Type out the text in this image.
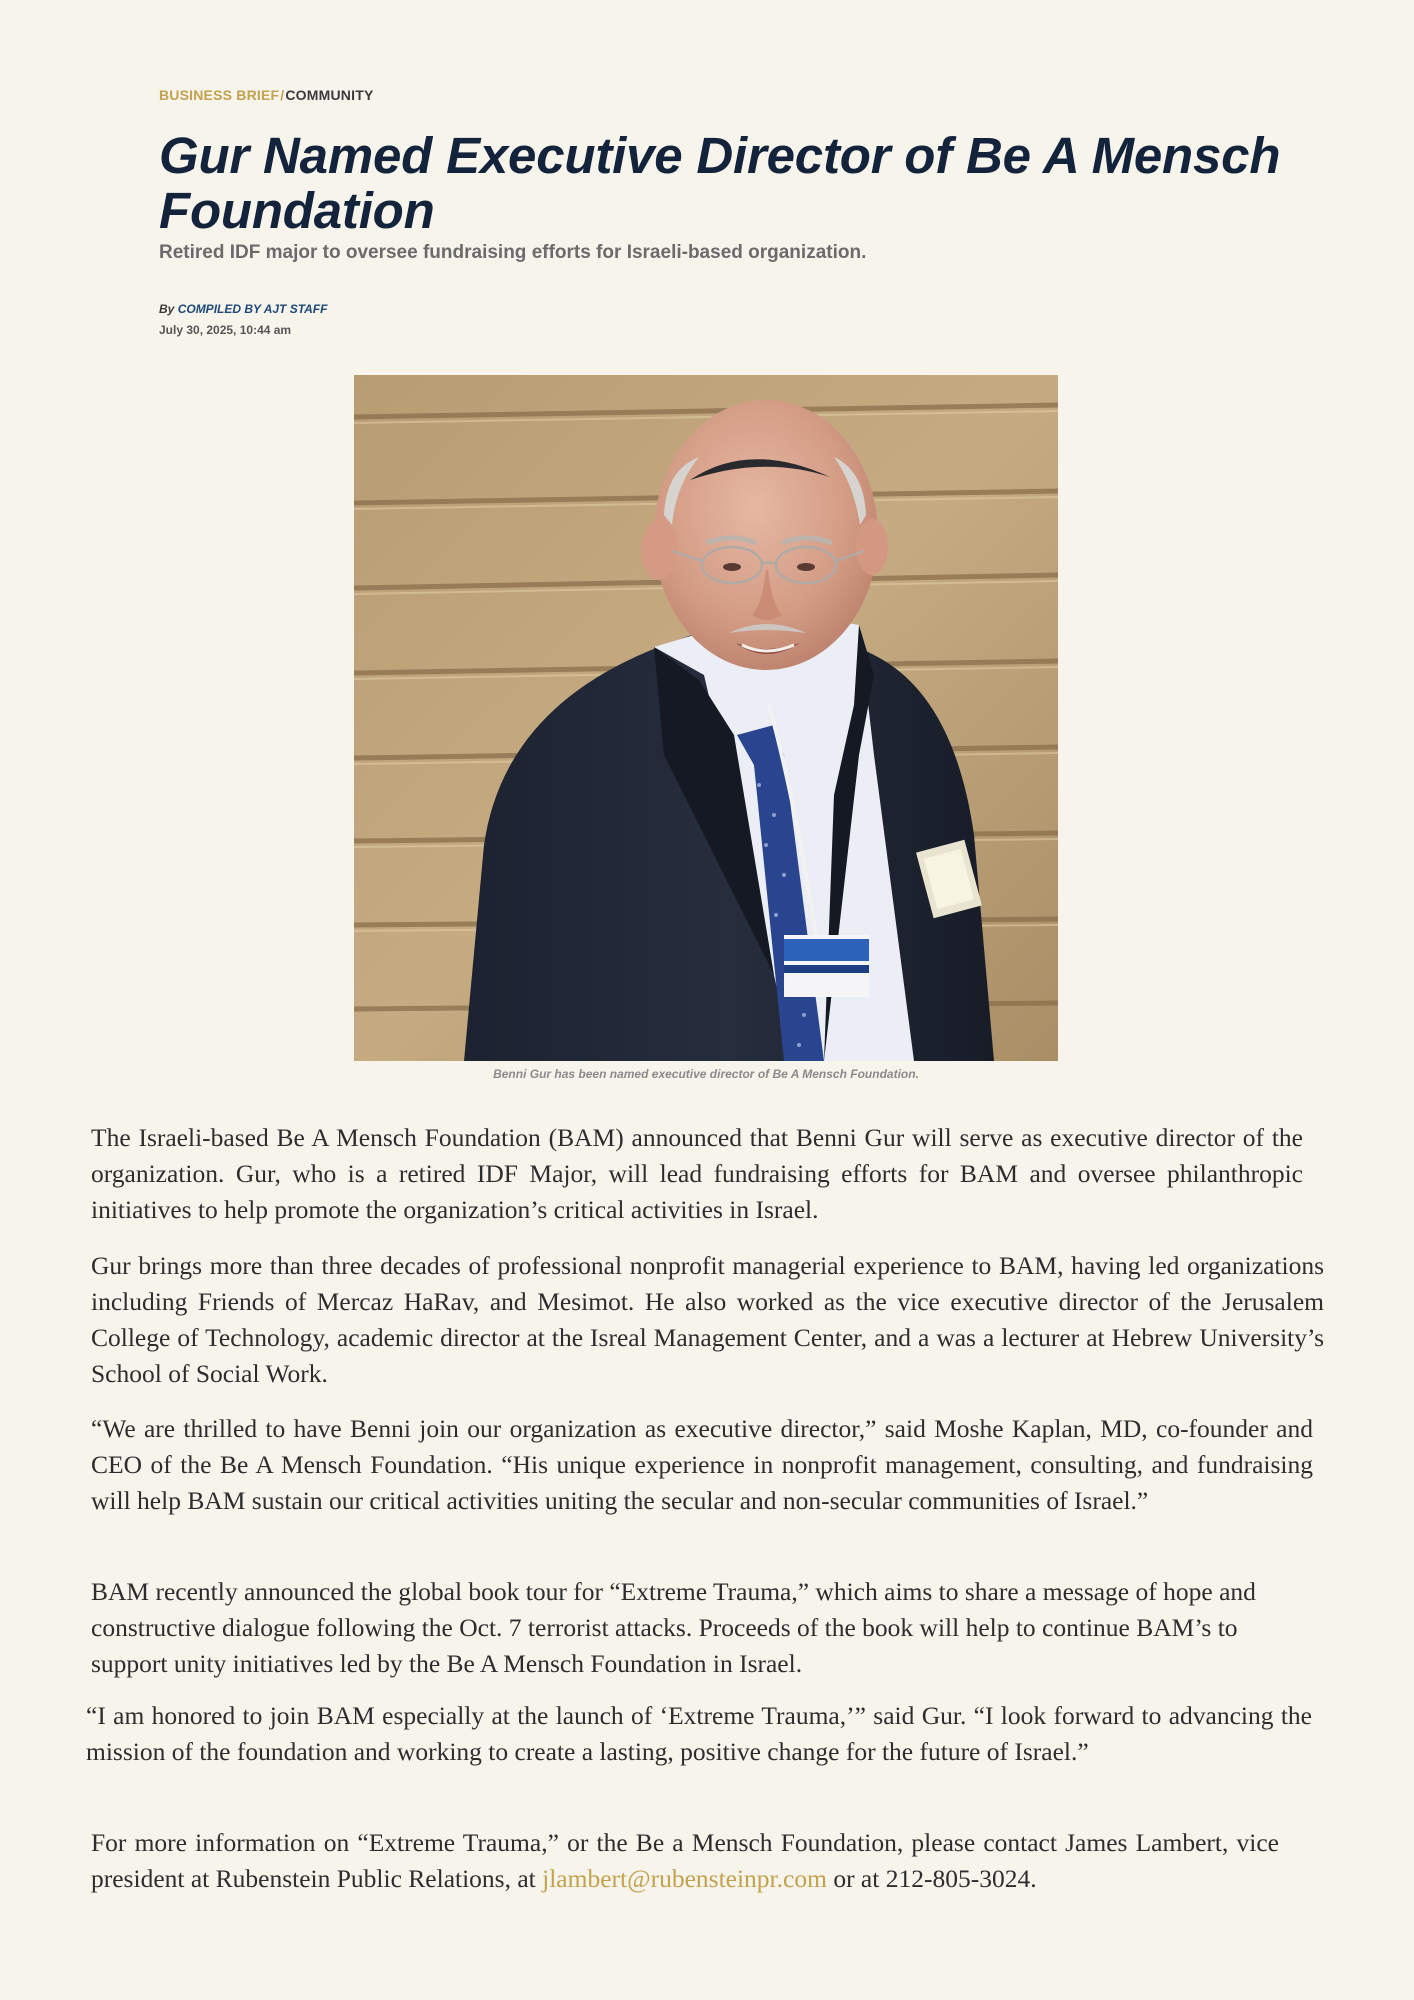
BUSINESS BRIEF/COMMUNITY
Gur Named Executive Director of Be A Mensch Foundation
Retired IDF major to oversee fundraising efforts for Israeli-based organization.
By COMPILED BY AJT STAFF
July 30, 2025, 10:44 am
Benni Gur has been named executive director of Be A Mensch Foundation.

The Israeli-based Be A Mensch Foundation (BAM) announced that Benni Gur will serve as executive director of the organization. Gur, who is a retired IDF Major, will lead fundraising efforts for BAM and oversee philanthropic initiatives to help promote the organization’s critical activities in Israel.

Gur brings more than three decades of professional nonprofit managerial experience to BAM, having led organizations including Friends of Mercaz HaRav, and Mesimot. He also worked as the vice executive director of the Jerusalem College of Technology, academic director at the Isreal Management Center, and a was a lecturer at Hebrew University’s School of Social Work.

“We are thrilled to have Benni join our organization as executive director,” said Moshe Kaplan, MD, co-founder and CEO of the Be A Mensch Foundation. “His unique experience in nonprofit management, consulting, and fundraising will help BAM sustain our critical activities uniting the secular and non-secular communities of Israel.”

BAM recently announced the global book tour for “Extreme Trauma,” which aims to share a message of hope and constructive dialogue following the Oct. 7 terrorist attacks. Proceeds of the book will help to continue BAM’s to support unity initiatives led by the Be A Mensch Foundation in Israel.

“I am honored to join BAM especially at the launch of ‘Extreme Trauma,’” said Gur. “I look forward to advancing the mission of the foundation and working to create a lasting, positive change for the future of Israel.”

For more information on “Extreme Trauma,” or the Be a Mensch Foundation, please contact James Lambert, vice president at Rubenstein Public Relations, at jlambert@rubensteinpr.com or at 212-805-3024.
